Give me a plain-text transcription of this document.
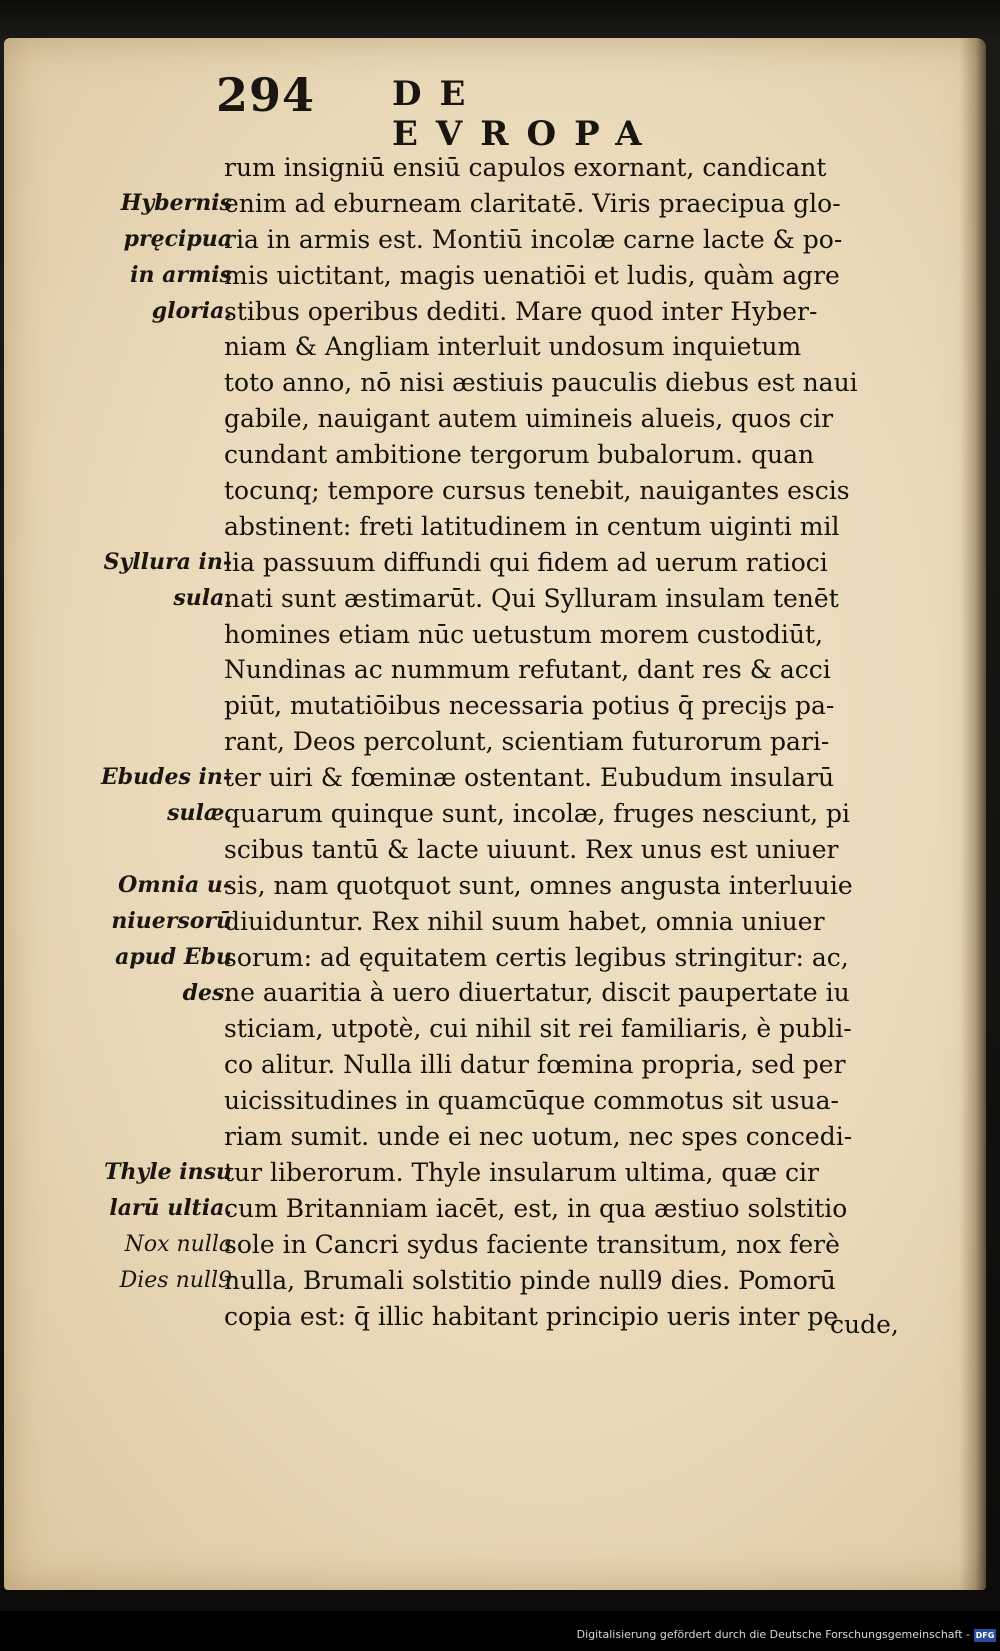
294 DE EVROPA
rum insigniū ensiū capulos exornant, candicant
enim ad eburneam claritatē. Viris praecipua glo-
ria in armis est. Montiū incolæ carne lacte & po-
mis uictitant, magis uenatiōi et ludis, quàm agre
stibus operibus dediti. Mare quod inter Hyber-
niam & Angliam interluit undosum inquietum
toto anno, nō nisi æstiuis pauculis diebus est naui
gabile, nauigant autem uimineis alueis, quos cir
cundant ambitione tergorum bubalorum. quan
tocunq; tempore cursus tenebit, nauigantes escis
abstinent: freti latitudinem in centum uiginti mil
lia passuum diffundi qui fidem ad uerum ratioci
nati sunt æstimarūt. Qui Sylluram insulam tenēt
homines etiam nūc uetustum morem custodiūt,
Nundinas ac nummum refutant, dant res & acci
piūt, mutatiōibus necessaria potius q̄ precijs pa-
rant, Deos percolunt, scientiam futurorum pari-
ter uiri & fœminæ ostentant. Eubudum insularū
quarum quinque sunt, incolæ, fruges nesciunt, pi
scibus tantū & lacte uiuunt. Rex unus est uniuer
sis, nam quotquot sunt, omnes angusta interluuie
diuiduntur. Rex nihil suum habet, omnia uniuer
sorum: ad ęquitatem certis legibus stringitur: ac,
ne auaritia à uero diuertatur, discit paupertate iu
sticiam, utpotè, cui nihil sit rei familiaris, è publi-
co alitur. Nulla illi datur fœmina propria, sed per
uicissitudines in quamcūque commotus sit usua-
riam sumit. unde ei nec uotum, nec spes concedi-
tur liberorum. Thyle insularum ultima, quæ cir
cum Britanniam iacēt, est, in qua æstiuo solstitio
sole in Cancri sydus faciente transitum, nox ferè
nulla, Brumali solstitio pinde null9 dies. Pomorū
copia est: q̄ illic habitant principio ueris inter pe
cude,
Hybernis
pręcipua
in armis
gloria.
Syllura in-
sula.
Ebudes in-
sulæ.
Omnia u-
niuersorū
apud Ebu
des.
Thyle insu
larū ultia.
Nox nulla
Dies null9
Digitalisierung gefördert durch die Deutsche Forschungsgemeinschaft - DFG
